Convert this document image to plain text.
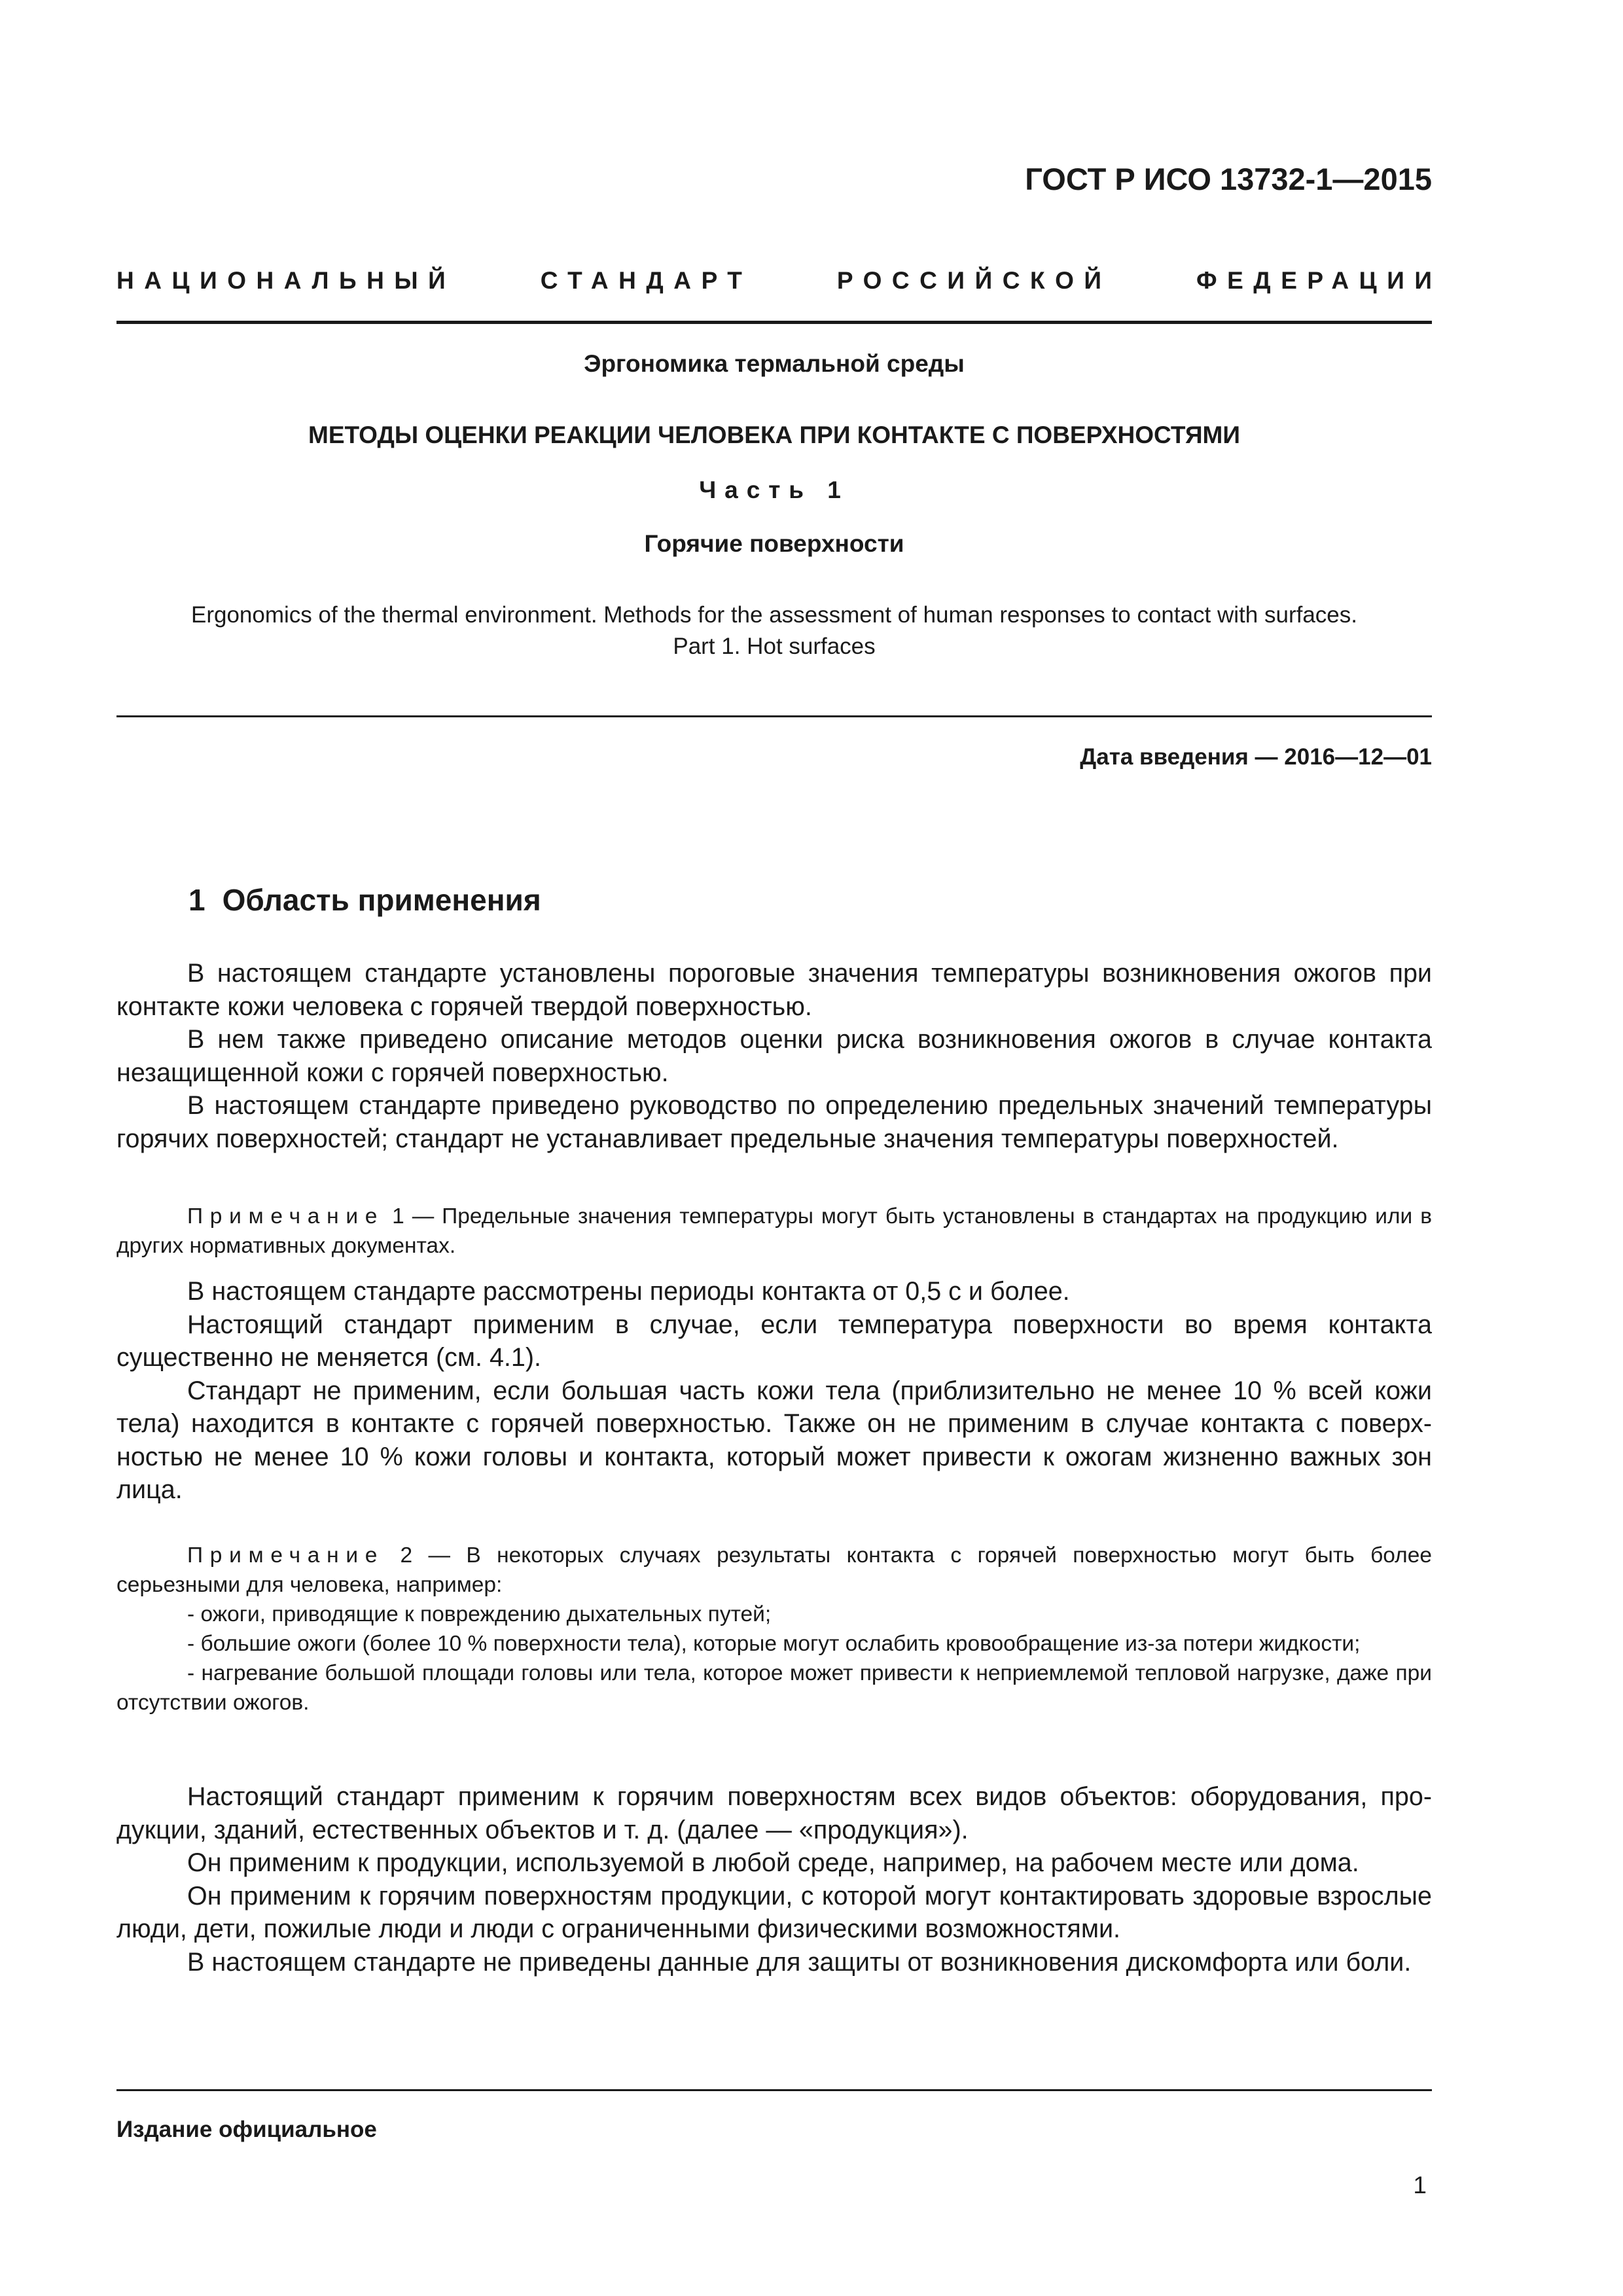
ГОСТ Р ИСО 13732-1—2015
НАЦИОНАЛЬНЫЙ	СТАНДАРТ	РОССИЙСКОЙ	ФЕДЕРАЦИИ
Эргономика термальной среды
МЕТОДЫ ОЦЕНКИ РЕАКЦИИ ЧЕЛОВЕКА ПРИ КОНТАКТЕ С ПОВЕРХНОСТЯМИ
Часть 1
Горячие поверхности
Ergonomics of the thermal environment. Methods for the assessment of human responses to contact with surfaces.
Part 1. Hot surfaces
Дата введения — 2016—12—01
1 Область применения

В настоящем стандарте установлены пороговые значения температуры возникновения ожогов при контакте кожи человека с горячей твердой поверхностью.

В нем также приведено описание методов оценки риска возникновения ожогов в случае контакта незащищенной кожи с горячей поверхностью.

В настоящем стандарте приведено руководство по определению предельных значений температуры горячих поверхностей; стандарт не устанавливает предельные значения температуры поверхностей.

Примечание 1 — Предельные значения температуры могут быть установлены в стандартах на продукцию или в других нормативных документах.

В настоящем стандарте рассмотрены периоды контакта от 0,5 с и более.

Настоящий стандарт применим в случае, если температура поверхности во время контакта существенно не меняется (см. 4.1).

Стандарт не применим, если большая часть кожи тела (приблизительно не менее 10 % всей кожи тела) находится в контакте с горячей поверхностью. Также он не применим в случае контакта с поверхностью не менее 10 % кожи головы и контакта, который может привести к ожогам жизненно важных зон лица.

Примечание 2 — В некоторых случаях результаты контакта с горячей поверхностью могут быть более серьезными для человека, например:

- ожоги, приводящие к повреждению дыхательных путей;

- большие ожоги (более 10 % поверхности тела), которые могут ослабить кровообращение из-за потери жидкости;

- нагревание большой площади головы или тела, которое может привести к неприемлемой тепловой нагрузке, даже при отсутствии ожогов.

Настоящий стандарт применим к горячим поверхностям всех видов объектов: оборудования, продукции, зданий, естественных объектов и т. д. (далее — «продукция»).

Он применим к продукции, используемой в любой среде, например, на рабочем месте или дома.

Он применим к горячим поверхностям продукции, с которой могут контактировать здоровые взрослые люди, дети, пожилые люди и люди с ограниченными физическими возможностями.

В настоящем стандарте не приведены данные для защиты от возникновения дискомфорта или боли.

Издание официальное
1
